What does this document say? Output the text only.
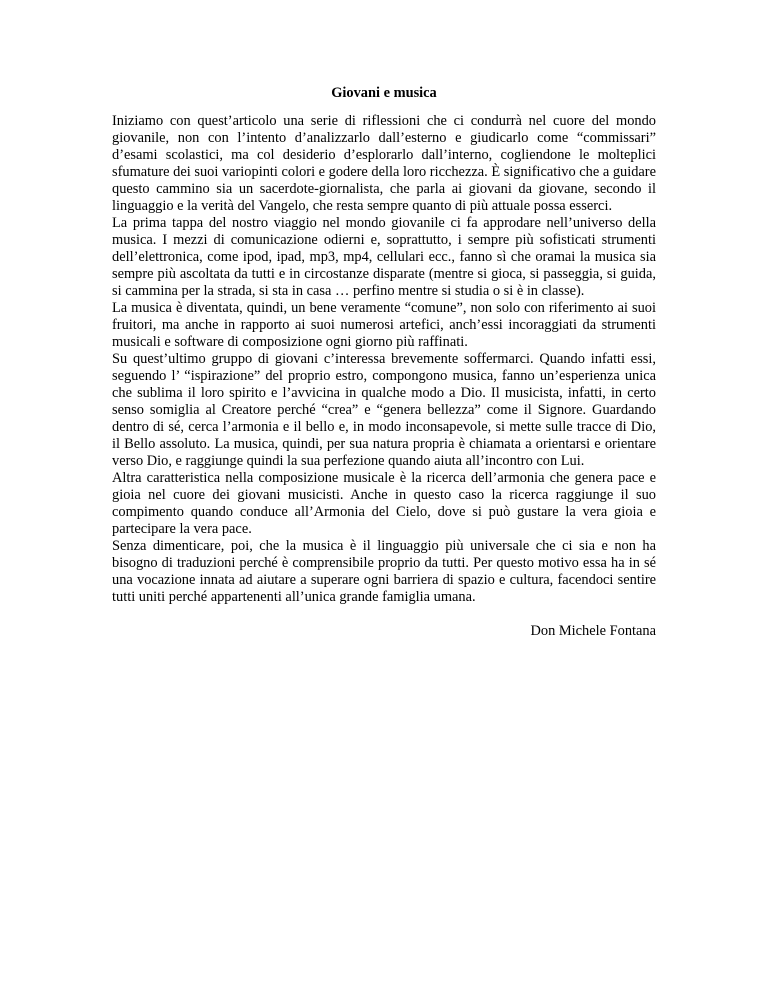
Giovani e musica

Iniziamo con quest’articolo una serie di riflessioni che ci condurrà nel cuore del mondo giovanile, non con l’intento d’analizzarlo dall’esterno e giudicarlo come “commissari” d’esami scolastici, ma col desiderio d’esplorarlo dall’interno, cogliendone le molteplici sfumature dei suoi variopinti colori e godere della loro ricchezza. È significativo che a guidare questo cammino sia un sacerdote-giornalista, che parla ai giovani da giovane, secondo il linguaggio e la verità del Vangelo, che resta sempre quanto di più attuale possa esserci.

La prima tappa del nostro viaggio nel mondo giovanile ci fa approdare nell’universo della musica. I mezzi di comunicazione odierni e, soprattutto, i sempre più sofisticati strumenti dell’elettronica, come ipod, ipad, mp3, mp4, cellulari ecc., fanno sì che oramai la musica sia sempre più ascoltata da tutti e in circostanze disparate (mentre si gioca, si passeggia, si guida, si cammina per la strada, si sta in casa … perfino mentre si studia o si è in classe).

La musica è diventata, quindi, un bene veramente “comune”, non solo con riferimento ai suoi fruitori, ma anche in rapporto ai suoi numerosi artefici, anch’essi incoraggiati da strumenti musicali e software di composizione ogni giorno più raffinati.

Su quest’ultimo gruppo di giovani c’interessa brevemente soffermarci. Quando infatti essi, seguendo l’ “ispirazione” del proprio estro, compongono musica, fanno un’esperienza unica che sublima il loro spirito e l’avvicina in qualche modo a Dio. Il musicista, infatti, in certo senso somiglia al Creatore perché “crea” e “genera bellezza” come il Signore. Guardando dentro di sé, cerca l’armonia e il bello e, in modo inconsapevole, si mette sulle tracce di Dio, il Bello assoluto. La musica, quindi, per sua natura propria è chiamata a orientarsi e orientare verso Dio, e raggiunge quindi la sua perfezione quando aiuta all’incontro con Lui.

Altra caratteristica nella composizione musicale è la ricerca dell’armonia che genera pace e gioia nel cuore dei giovani musicisti. Anche in questo caso la ricerca raggiunge il suo compimento quando conduce all’Armonia del Cielo, dove si può gustare la vera gioia e partecipare la vera pace.

Senza dimenticare, poi, che la musica è il linguaggio più universale che ci sia e non ha bisogno di traduzioni perché è comprensibile proprio da tutti. Per questo motivo essa ha in sé una vocazione innata ad aiutare a superare ogni barriera di spazio e cultura, facendoci sentire tutti uniti perché appartenenti all’unica grande famiglia umana.

Don Michele Fontana
